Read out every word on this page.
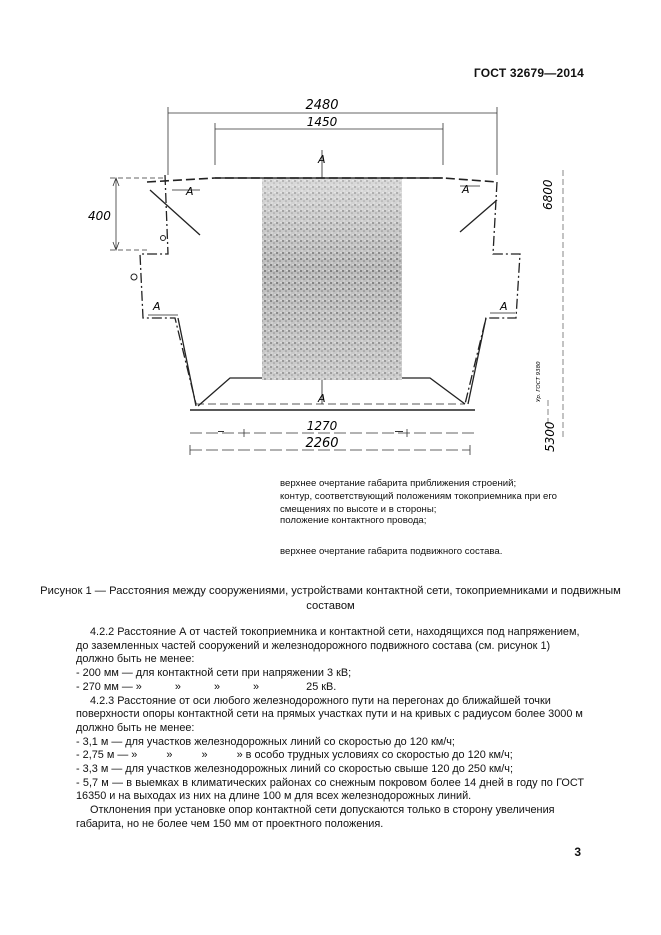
ГОСТ 32679—2014
2480
1450
1270
2260
400
6800
5300
А
А
А
А
А
А
Ур. ГОСТ 9380
верхнее очертание габарита приближения строений;
контур, соответствующий положениям токоприемника при его смещениях по высоте и в стороны;
положение контактного провода;
верхнее очертание габарита подвижного состава.
Рисунок 1 — Расстояния между сооружениями, устройствами контактной сети, токоприемниками и подвижным составом

4.2.2 Расстояние А от частей токоприемника и контактной сети, находящихся под напряжением, до заземленных частей сооружений и железнодорожного подвижного состава (см. рисунок 1) должно быть не менее:

- 200 мм — для контактной сети при напряжении 3 кВ;

- 270 мм — »	»	»	»	25 кВ.

4.2.3 Расстояние от оси любого железнодорожного пути на перегонах до ближайшей точки поверхности опоры контактной сети на прямых участках пути и на кривых с радиусом более 3000 м должно быть не менее:

- 3,1 м — для участков железнодорожных линий со скоростью до 120 км/ч;

- 2,75 м — »	»	»	» в особо трудных условиях со скоростью до 120 км/ч;

- 3,3 м — для участков железнодорожных линий со скоростью свыше 120 до 250 км/ч;

- 5,7 м — в выемках в климатических районах со снежным покровом более 14 дней в году по ГОСТ 16350 и на выходах из них на длине 100 м для всех железнодорожных линий.

Отклонения при установке опор контактной сети допускаются только в сторону увеличения габарита, но не более чем 150 мм от проектного положения.

3
